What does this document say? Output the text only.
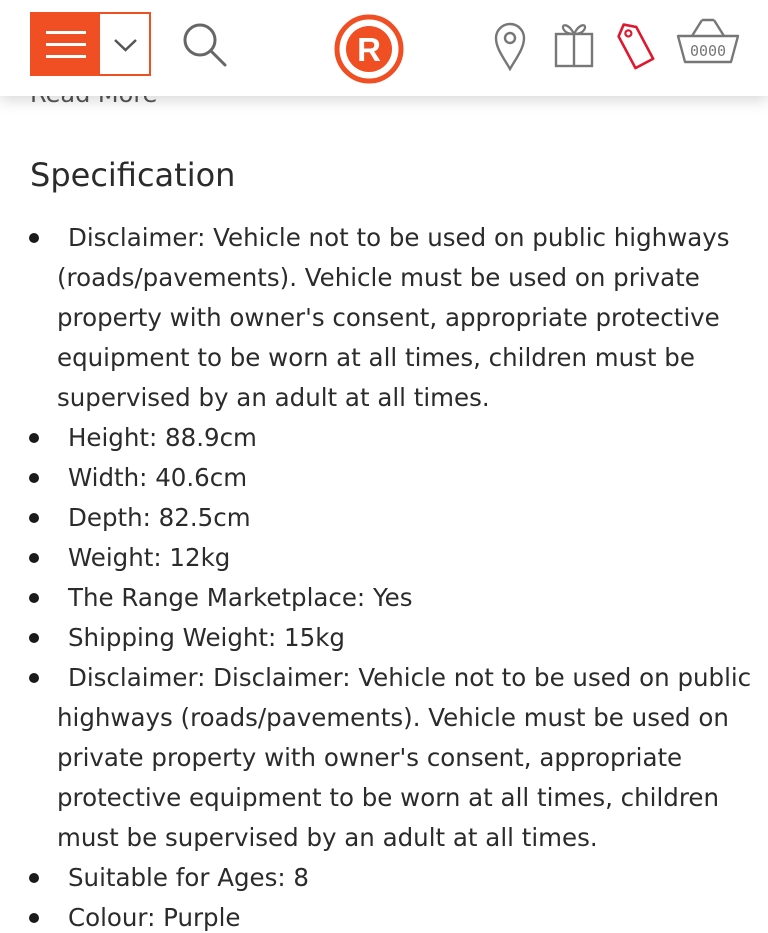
R	0000
Specification
Disclaimer: Vehicle not to be used on public highways (roads/pavements). Vehicle must be used on private property with owner's consent, appropriate protective equipment to be worn at all times, children must be supervised by an adult at all times.
Height: 88.9cm
Width: 40.6cm
Depth: 82.5cm
Weight: 12kg
The Range Marketplace: Yes
Shipping Weight: 15kg
Disclaimer: Disclaimer: Vehicle not to be used on public highways (roads/pavements). Vehicle must be used on private property with owner's consent, appropriate protective equipment to be worn at all times, children must be supervised by an adult at all times.
Suitable for Ages: 8
Colour: Purple
